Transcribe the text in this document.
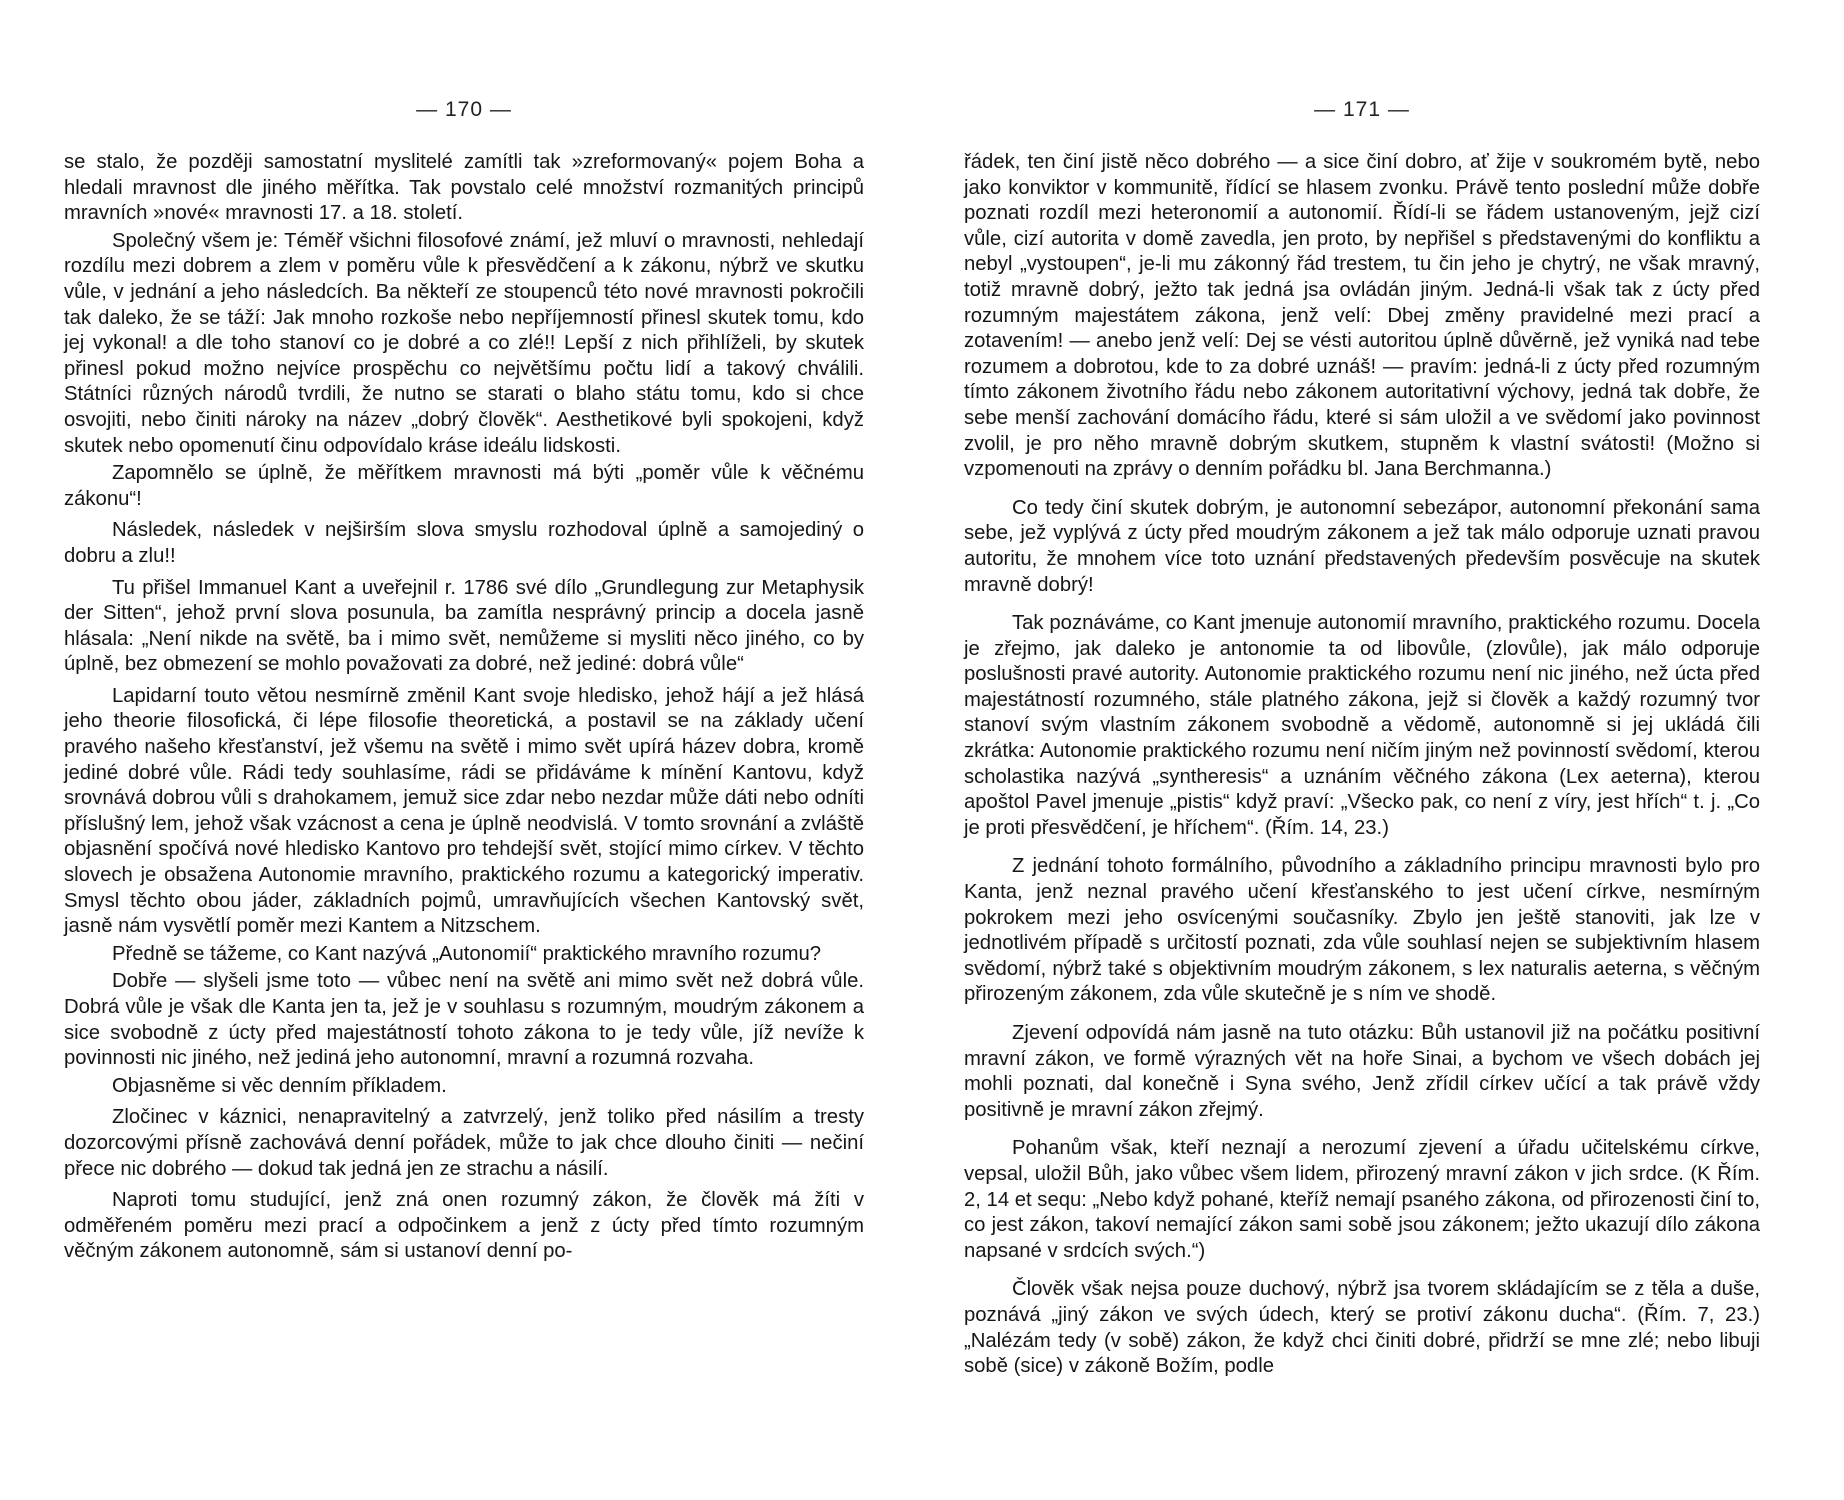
— 170 —

se stalo, že později samostatní myslitelé zamítli tak »zreformovaný« pojem Boha a hledali mravnost dle jiného měřítka. Tak povstalo celé množství rozmanitých principů mravních »nové« mravnosti 17. a 18. století.

Společný všem je: Téměř všichni filosofové známí, jež mluví o mravnosti, nehledají rozdílu mezi dobrem a zlem v poměru vůle k přesvědčení a k zákonu, nýbrž ve skutku vůle, v jednání a jeho následcích. Ba někteří ze stoupenců této nové mravnosti pokročili tak daleko, že se táží: Jak mnoho rozkoše nebo nepříjemností přinesl skutek tomu, kdo jej vykonal! a dle toho stanoví co je dobré a co zlé!! Lepší z nich přihlíželi, by skutek přinesl pokud možno nejvíce prospěchu co největšímu počtu lidí a takový chválili. Státníci různých národů tvrdili, že nutno se starati o blaho státu tomu, kdo si chce osvojiti, nebo činiti nároky na název „dobrý člověk“. Aesthetikové byli spokojeni, když skutek nebo opomenutí činu odpovídalo kráse ideálu lidskosti.

Zapomnělo se úplně, že měřítkem mravnosti má býti „poměr vůle k věčnému zákonu“!

Následek, následek v nejširším slova smyslu rozhodoval úplně a samojediný o dobru a zlu!!

Tu přišel Immanuel Kant a uveřejnil r. 1786 své dílo „Grundlegung zur Metaphysik der Sitten“, jehož první slova posunula, ba zamítla nesprávný princip a docela jasně hlásala: „Není nikde na světě, ba i mimo svět, nemůžeme si mysliti něco jiného, co by úplně, bez obmezení se mohlo považovati za dobré, než jediné: dobrá vůle“

Lapidarní touto větou nesmírně změnil Kant svoje hledisko, jehož hájí a jež hlásá jeho theorie filosofická, či lépe filosofie theoretická, a postavil se na základy učení pravého našeho křesťanství, jež všemu na světě i mimo svět upírá házev dobra, kromě jediné dobré vůle. Rádi tedy souhlasíme, rádi se přidáváme k mínění Kantovu, když srovnává dobrou vůli s drahokamem, jemuž sice zdar nebo nezdar může dáti nebo odníti příslušný lem, jehož však vzácnost a cena je úplně neodvislá. V tomto srovnání a zvláště objasnění spočívá nové hledisko Kantovo pro tehdejší svět, stojící mimo církev. V těchto slovech je obsažena Autonomie mravního, praktického rozumu a kategorický imperativ. Smysl těchto obou jáder, základních pojmů, umravňujících všechen Kantovský svět, jasně nám vysvětlí poměr mezi Kantem a Nitzschem.

Předně se tážeme, co Kant nazývá „Autonomií“ praktického mravního rozumu?

Dobře — slyšeli jsme toto — vůbec není na světě ani mimo svět než dobrá vůle. Dobrá vůle je však dle Kanta jen ta, jež je v souhlasu s rozumným, moudrým zákonem a sice svobodně z úcty před majestátností tohoto zákona to je tedy vůle, jíž nevíže k povinnosti nic jiného, než jediná jeho autonomní, mravní a rozumná rozvaha.

Objasněme si věc denním příkladem.

Zločinec v káznici, nenapravitelný a zatvrzelý, jenž toliko před násilím a tresty dozorcovými přísně zachovává denní pořádek, může to jak chce dlouho činiti — nečiní přece nic dobrého — dokud tak jedná jen ze strachu a násilí.

Naproti tomu studující, jenž zná onen rozumný zákon, že člověk má žíti v odměřeném poměru mezi prací a odpočinkem a jenž z úcty před tímto rozumným věčným zákonem autonomně, sám si ustanoví denní po-

— 171 —

řádek, ten činí jistě něco dobrého — a sice činí dobro, ať žije v soukromém bytě, nebo jako konviktor v kommunitě, řídící se hlasem zvonku. Právě tento poslední může dobře poznati rozdíl mezi heteronomií a autonomií. Řídí-li se řádem ustanoveným, jejž cizí vůle, cizí autorita v domě zavedla, jen proto, by nepřišel s představenými do konfliktu a nebyl „vystoupen“, je-li mu zákonný řád trestem, tu čin jeho je chytrý, ne však mravný, totiž mravně dobrý, ježto tak jedná jsa ovládán jiným. Jedná-li však tak z úcty před rozumným majestátem zákona, jenž velí: Dbej změny pravidelné mezi prací a zotavením! — anebo jenž velí: Dej se vésti autoritou úplně důvěrně, jež vyniká nad tebe rozumem a dobrotou, kde to za dobré uznáš! — pravím: jedná-li z úcty před rozumným tímto zákonem životního řádu nebo zákonem autoritativní výchovy, jedná tak dobře, že sebe menší zachování domácího řádu, které si sám uložil a ve svědomí jako povinnost zvolil, je pro něho mravně dobrým skutkem, stupněm k vlastní svátosti! (Možno si vzpomenouti na zprávy o denním pořádku bl. Jana Berchmanna.)

Co tedy činí skutek dobrým, je autonomní sebezápor, autonomní překonání sama sebe, jež vyplývá z úcty před moudrým zákonem a jež tak málo odporuje uznati pravou autoritu, že mnohem více toto uznání představených především posvěcuje na skutek mravně dobrý!

Tak poznáváme, co Kant jmenuje autonomií mravního, praktického rozumu. Docela je zřejmo, jak daleko je antonomie ta od libovůle, (zlovůle), jak málo odporuje poslušnosti pravé autority. Autonomie praktického rozumu není nic jiného, než úcta před majestátností rozumného, stále platného zákona, jejž si člověk a každý rozumný tvor stanoví svým vlastním zákonem svobodně a vědomě, autonomně si jej ukládá čili zkrátka: Autonomie praktického rozumu není ničím jiným než povinností svědomí, kterou scholastika nazývá „syntheresis“ a uznáním věčného zákona (Lex aeterna), kterou apoštol Pavel jmenuje „pistis“ když praví: „Všecko pak, co není z víry, jest hřích“ t. j. „Co je proti přesvědčení, je hříchem“. (Řím. 14, 23.)

Z jednání tohoto formálního, původního a základního principu mravnosti bylo pro Kanta, jenž neznal pravého učení křesťanského to jest učení církve, nesmírným pokrokem mezi jeho osvícenými současníky. Zbylo jen ještě stanoviti, jak lze v jednotlivém případě s určitostí poznati, zda vůle souhlasí nejen se subjektivním hlasem svědomí, nýbrž také s objektivním moudrým zákonem, s lex naturalis aeterna, s věčným přirozeným zákonem, zda vůle skutečně je s ním ve shodě.

Zjevení odpovídá nám jasně na tuto otázku: Bůh ustanovil již na počátku positivní mravní zákon, ve formě výrazných vět na hoře Sinai, a bychom ve všech dobách jej mohli poznati, dal konečně i Syna svého, Jenž zřídil církev učící a tak právě vždy positivně je mravní zákon zřejmý.

Pohanům však, kteří neznají a nerozumí zjevení a úřadu učitelskému církve, vepsal, uložil Bůh, jako vůbec všem lidem, přirozený mravní zákon v jich srdce. (K Řím. 2, 14 et sequ: „Nebo když pohané, kteříž nemají psaného zákona, od přirozenosti činí to, co jest zákon, takoví nemající zákon sami sobě jsou zákonem; ježto ukazují dílo zákona napsané v srdcích svých.“)

Člověk však nejsa pouze duchový, nýbrž jsa tvorem skládajícím se z těla a duše, poznává „jiný zákon ve svých údech, který se protiví zákonu ducha“. (Řím. 7, 23.) „Nalézám tedy (v sobě) zákon, že když chci činiti dobré, přidrží se mne zlé; nebo libuji sobě (sice) v zákoně Božím, podle
